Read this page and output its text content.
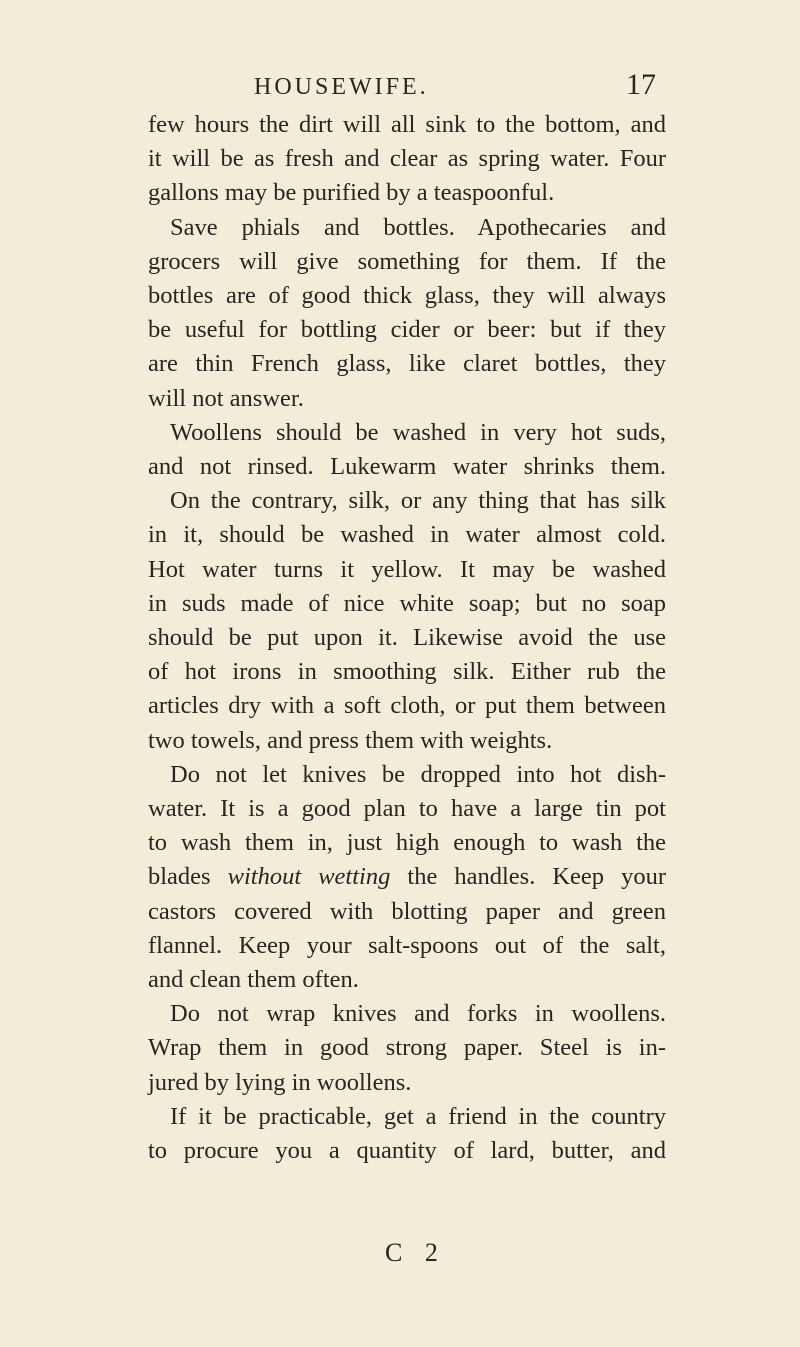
HOUSEWIFE.	17
few hours the dirt will all sink to the bottom, and
it will be as fresh and clear as spring water. Four
gallons may be purified by a teaspoonful.
Save phials and bottles. Apothecaries and
grocers will give something for them. If the
bottles are of good thick glass, they will always
be useful for bottling cider or beer: but if they
are thin French glass, like claret bottles, they
will not answer.
Woollens should be washed in very hot suds,
and not rinsed. Lukewarm water shrinks them.
On the contrary, silk, or any thing that has silk
in it, should be washed in water almost cold.
Hot water turns it yellow. It may be washed
in suds made of nice white soap; but no soap
should be put upon it. Likewise avoid the use
of hot irons in smoothing silk. Either rub the
articles dry with a soft cloth, or put them between
two towels, and press them with weights.
Do not let knives be dropped into hot dish-
water. It is a good plan to have a large tin pot
to wash them in, just high enough to wash the
blades without wetting the handles. Keep your
castors covered with blotting paper and green
flannel. Keep your salt-spoons out of the salt,
and clean them often.
Do not wrap knives and forks in woollens.
Wrap them in good strong paper. Steel is in-
jured by lying in woollens.
If it be practicable, get a friend in the country
to procure you a quantity of lard, butter, and
C 2
